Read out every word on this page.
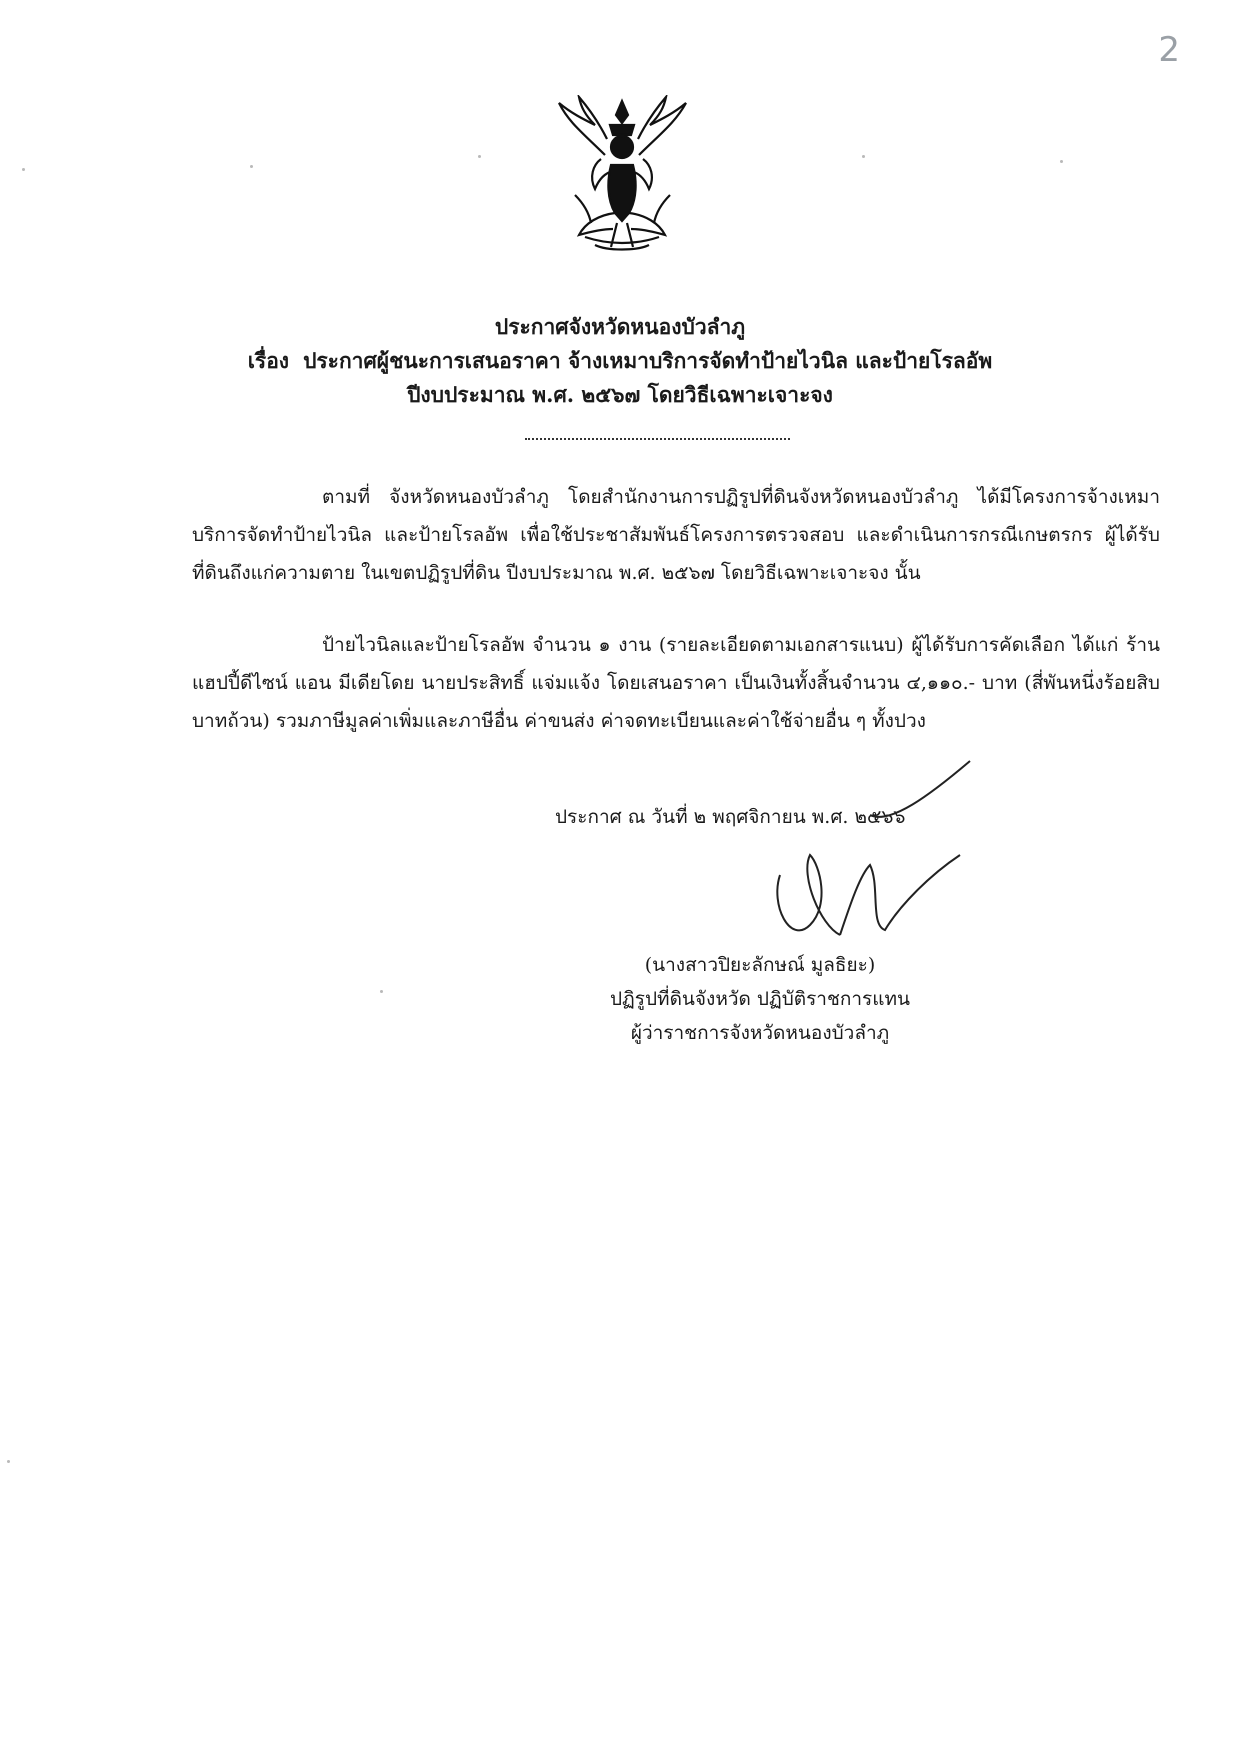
2
ประกาศจังหวัดหนองบัวลำภู
เรื่อง ประกาศผู้ชนะการเสนอราคา จ้างเหมาบริการจัดทำป้ายไวนิล และป้ายโรลอัพ
ปีงบประมาณ พ.ศ. ๒๕๖๗ โดยวิธีเฉพาะเจาะจง
ตามที่ จังหวัดหนองบัวลำภู โดยสำนักงานการปฏิรูปที่ดินจังหวัดหนองบัวลำภู ได้มีโครงการจ้างเหมาบริการจัดทำป้ายไวนิล และป้ายโรลอัพ เพื่อใช้ประชาสัมพันธ์โครงการตรวจสอบ และดำเนินการกรณีเกษตรกร ผู้ได้รับที่ดินถึงแก่ความตาย ในเขตปฏิรูปที่ดิน ปีงบประมาณ พ.ศ. ๒๕๖๗ โดยวิธีเฉพาะเจาะจง นั้น
ป้ายไวนิลและป้ายโรลอัพ จำนวน ๑ งาน (รายละเอียดตามเอกสารแนบ) ผู้ได้รับการคัดเลือก ได้แก่ ร้านแฮปปี้ดีไซน์ แอน มีเดียโดย นายประสิทธิ์ แจ่มแจ้ง โดยเสนอราคา เป็นเงินทั้งสิ้นจำนวน ๔,๑๑๐.- บาท (สี่พันหนึ่งร้อยสิบบาทถ้วน) รวมภาษีมูลค่าเพิ่มและภาษีอื่น ค่าขนส่ง ค่าจดทะเบียนและค่าใช้จ่ายอื่น ๆ ทั้งปวง
ประกาศ ณ วันที่ ๒ พฤศจิกายน พ.ศ. ๒๕๖๖
(นางสาวปิยะลักษณ์ มูลธิยะ)
ปฏิรูปที่ดินจังหวัด ปฏิบัติราชการแทน
ผู้ว่าราชการจังหวัดหนองบัวลำภู
